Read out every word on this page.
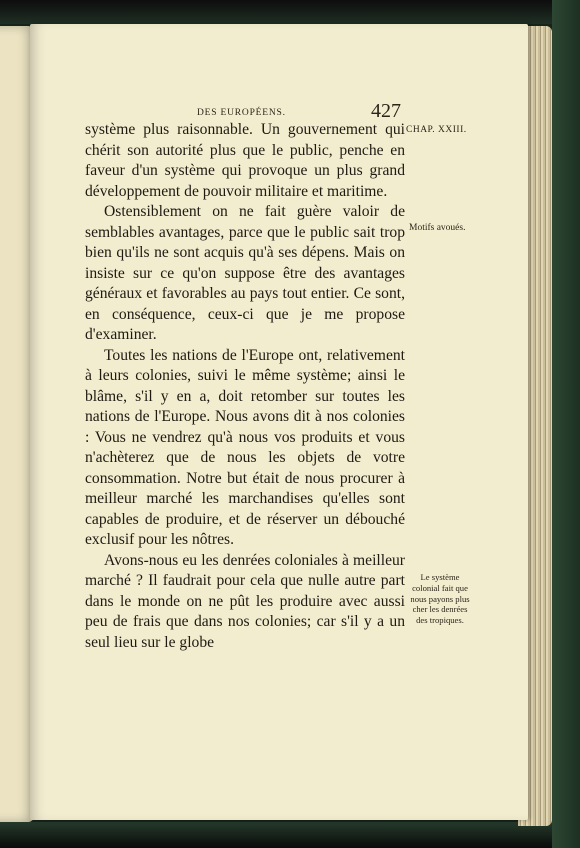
DES EUROPÉENS.	427

système plus raisonnable. Un gouvernement qui chérit son autorité plus que le public, penche en faveur d'un système qui provoque un plus grand développement de pouvoir militaire et maritime.

Ostensiblement on ne fait guère valoir de semblables avantages, parce que le public sait trop bien qu'ils ne sont acquis qu'à ses dépens. Mais on insiste sur ce qu'on suppose être des avantages généraux et favorables au pays tout entier. Ce sont, en conséquence, ceux-ci que je me propose d'examiner.

Toutes les nations de l'Europe ont, relativement à leurs colonies, suivi le même système; ainsi le blâme, s'il y en a, doit retomber sur toutes les nations de l'Europe. Nous avons dit à nos colonies : Vous ne vendrez qu'à nous vos produits et vous n'achèterez que de nous les objets de votre consommation. Notre but était de nous procurer à meilleur marché les marchandises qu'elles sont capables de produire, et de réserver un débouché exclusif pour les nôtres.

Avons-nous eu les denrées coloniales à meilleur marché ? Il faudrait pour cela que nulle autre part dans le monde on ne pût les produire avec aussi peu de frais que dans nos colonies; car s'il y a un seul lieu sur le globe

CHAP. XXIII.
Motifs avoués.
Le système colonial fait que nous payons plus cher les denrées des tropiques.
